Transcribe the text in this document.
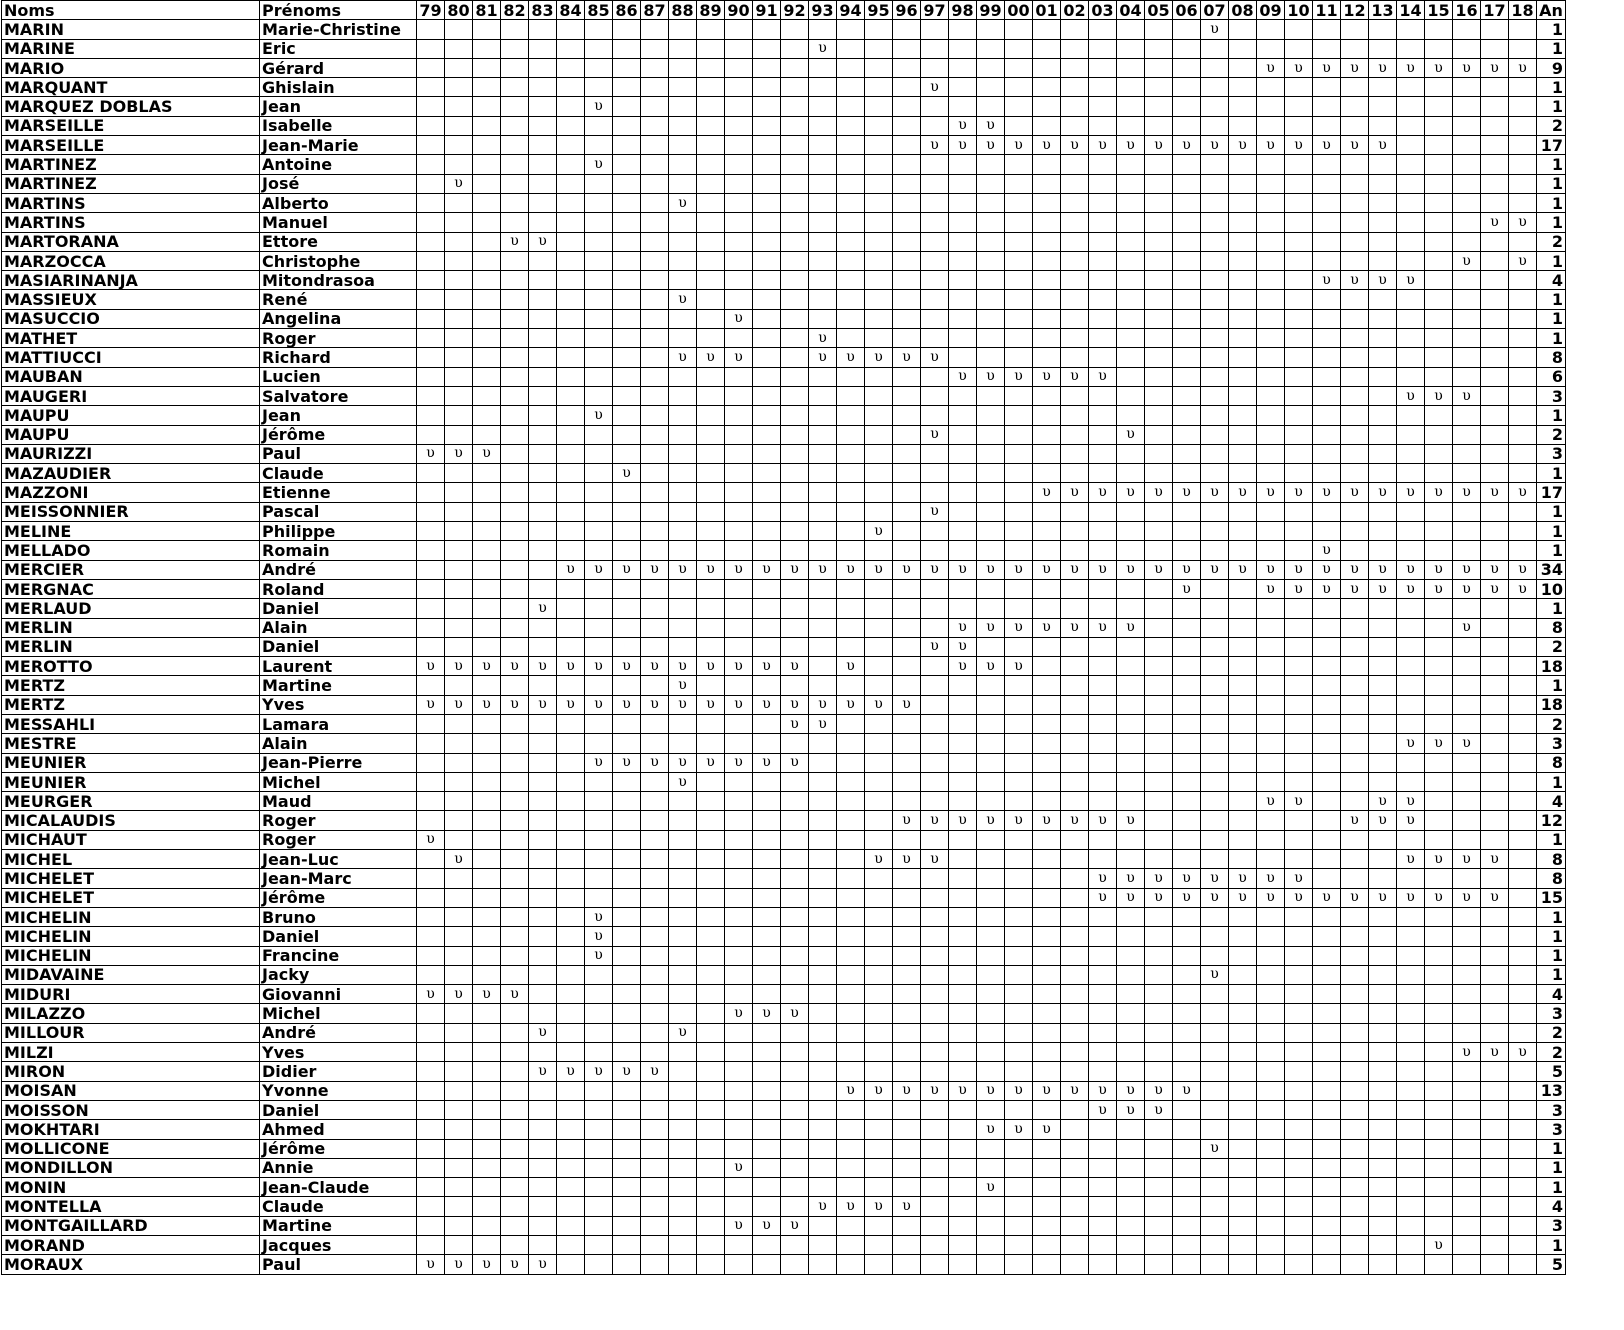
Noms	Prénoms	79	80	81	82	83	84	85	86	87	88	89	90	91	92	93	94	95	96	97	98	99	00	01	02	03	04	05	06	07	08	09	10	11	12	13	14	15	16	17	18	An
MARIN	Marie-Christine																													υ												1
MARINE	Eric															υ																										1
MARIO	Gérard																															υ	υ	υ	υ	υ	υ	υ	υ	υ	υ	9
MARQUANT	Ghislain																			υ																						1
MARQUEZ DOBLAS	Jean							υ																																		1
MARSEILLE	Isabelle																				υ	υ																				2
MARSEILLE	Jean-Marie																			υ	υ	υ	υ	υ	υ	υ	υ	υ	υ	υ	υ	υ	υ	υ	υ	υ						17
MARTINEZ	Antoine							υ																																		1
MARTINEZ	José		υ																																							1
MARTINS	Alberto										υ																															1
MARTINS	Manuel																																							υ	υ	1
MARTORANA	Ettore				υ	υ																																				2
MARZOCCA	Christophe																																						υ		υ	1
MASIARINANJA	Mitondrasoa																																	υ	υ	υ	υ					4
MASSIEUX	René										υ																															1
MASUCCIO	Angelina												υ																													1
MATHET	Roger															υ																										1
MATTIUCCI	Richard										υ	υ	υ			υ	υ	υ	υ	υ																						8
MAUBAN	Lucien																				υ	υ	υ	υ	υ	υ																6
MAUGERI	Salvatore																																				υ	υ	υ			3
MAUPU	Jean							υ																																		1
MAUPU	Jérôme																			υ							υ															2
MAURIZZI	Paul	υ	υ	υ																																						3
MAZAUDIER	Claude								υ																																	1
MAZZONI	Etienne																							υ	υ	υ	υ	υ	υ	υ	υ	υ	υ	υ	υ	υ	υ	υ	υ	υ	υ	17
MEISSONNIER	Pascal																			υ																						1
MELINE	Philippe																	υ																								1
MELLADO	Romain																																	υ								1
MERCIER	André						υ	υ	υ	υ	υ	υ	υ	υ	υ	υ	υ	υ	υ	υ	υ	υ	υ	υ	υ	υ	υ	υ	υ	υ	υ	υ	υ	υ	υ	υ	υ	υ	υ	υ	υ	34
MERGNAC	Roland																												υ			υ	υ	υ	υ	υ	υ	υ	υ	υ	υ	10
MERLAUD	Daniel					υ																																				1
MERLIN	Alain																				υ	υ	υ	υ	υ	υ	υ												υ			8
MERLIN	Daniel																			υ	υ																					2
MEROTTO	Laurent	υ	υ	υ	υ	υ	υ	υ	υ	υ	υ	υ	υ	υ	υ		υ				υ	υ	υ																			18
MERTZ	Martine										υ																															1
MERTZ	Yves	υ	υ	υ	υ	υ	υ	υ	υ	υ	υ	υ	υ	υ	υ	υ	υ	υ	υ																							18
MESSAHLI	Lamara														υ	υ																										2
MESTRE	Alain																																				υ	υ	υ			3
MEUNIER	Jean-Pierre							υ	υ	υ	υ	υ	υ	υ	υ																											8
MEUNIER	Michel										υ																															1
MEURGER	Maud																															υ	υ			υ	υ					4
MICALAUDIS	Roger																		υ	υ	υ	υ	υ	υ	υ	υ	υ								υ	υ	υ					12
MICHAUT	Roger	υ																																								1
MICHEL	Jean-Luc		υ															υ	υ	υ																	υ	υ	υ	υ		8
MICHELET	Jean-Marc																									υ	υ	υ	υ	υ	υ	υ	υ									8
MICHELET	Jérôme																									υ	υ	υ	υ	υ	υ	υ	υ	υ	υ	υ	υ	υ	υ	υ		15
MICHELIN	Bruno							υ																																		1
MICHELIN	Daniel							υ																																		1
MICHELIN	Francine							υ																																		1
MIDAVAINE	Jacky																													υ												1
MIDURI	Giovanni	υ	υ	υ	υ																																					4
MILAZZO	Michel												υ	υ	υ																											3
MILLOUR	André					υ					υ																															2
MILZI	Yves																																						υ	υ	υ	2
MIRON	Didier					υ	υ	υ	υ	υ																																5
MOISAN	Yvonne																υ	υ	υ	υ	υ	υ	υ	υ	υ	υ	υ	υ	υ													13
MOISSON	Daniel																									υ	υ	υ														3
MOKHTARI	Ahmed																					υ	υ	υ																		3
MOLLICONE	Jérôme																													υ												1
MONDILLON	Annie												υ																													1
MONIN	Jean-Claude																					υ																				1
MONTELLA	Claude															υ	υ	υ	υ																							4
MONTGAILLARD	Martine												υ	υ	υ																											3
MORAND	Jacques																																					υ				1
MORAUX	Paul	υ	υ	υ	υ	υ																																				5
